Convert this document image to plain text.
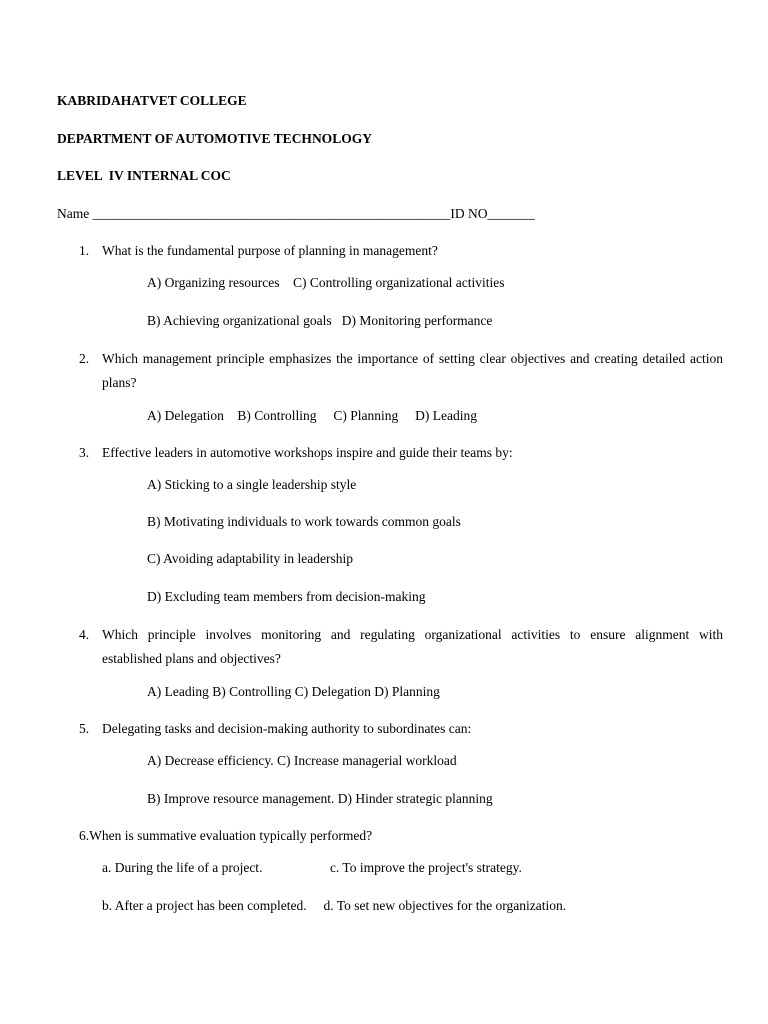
KABRIDAHATVET COLLEGE
DEPARTMENT OF AUTOMOTIVE TECHNOLOGY
LEVEL  IV INTERNAL COC
Name _____________________________________________________ID NO_______
1. What is the fundamental purpose of planning in management?
A) Organizing resources    C) Controlling organizational activities
B) Achieving organizational goals   D) Monitoring performance
2. Which management principle emphasizes the importance of setting clear objectives and creating detailed action
plans?
A) Delegation    B) Controlling     C) Planning     D) Leading
3. Effective leaders in automotive workshops inspire and guide their teams by:
A) Sticking to a single leadership style
B) Motivating individuals to work towards common goals
C) Avoiding adaptability in leadership
D) Excluding team members from decision-making
4. Which principle involves monitoring and regulating organizational activities to ensure alignment with
established plans and objectives?
A) Leading B) Controlling C) Delegation D) Planning
5. Delegating tasks and decision-making authority to subordinates can:
A) Decrease efficiency. C) Increase managerial workload
B) Improve resource management. D) Hinder strategic planning
6.When is summative evaluation typically performed?
a. During the life of a project.                    c. To improve the project's strategy.
b. After a project has been completed.     d. To set new objectives for the organization.
